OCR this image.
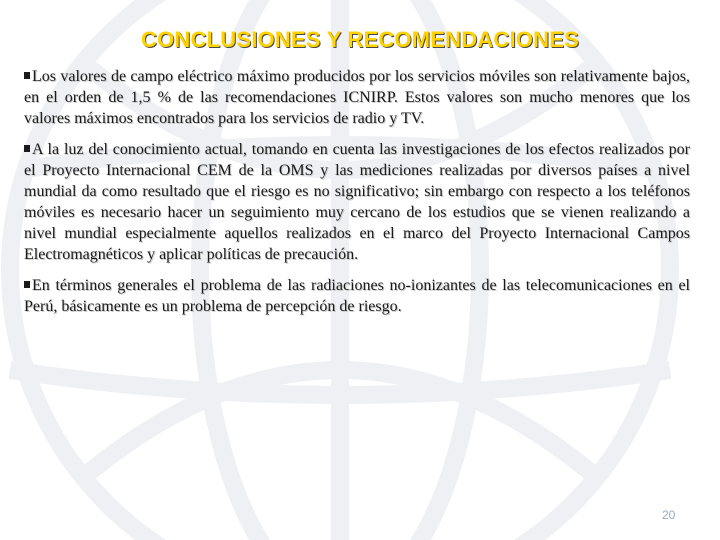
CONCLUSIONES Y RECOMENDACIONES

Los valores de campo eléctrico máximo producidos por los servicios móviles son relativamente bajos, en el orden de 1,5 % de las recomendaciones ICNIRP. Estos valores son mucho menores que los valores máximos encontrados para los servicios de radio y TV.

A la luz del conocimiento actual, tomando en cuenta las investigaciones de los efectos realizados por el Proyecto Internacional CEM de la OMS y las mediciones realizadas por diversos países a nivel mundial da como resultado que el riesgo es no significativo; sin embargo con respecto a los teléfonos móviles es necesario hacer un seguimiento muy cercano de los estudios que se vienen realizando a nivel mundial especialmente aquellos realizados en el marco del Proyecto Internacional Campos Electromagnéticos y aplicar políticas de precaución.

En términos generales el problema de las radiaciones no-ionizantes de las telecomunicaciones en el Perú, básicamente es un problema de percepción de riesgo.

20
